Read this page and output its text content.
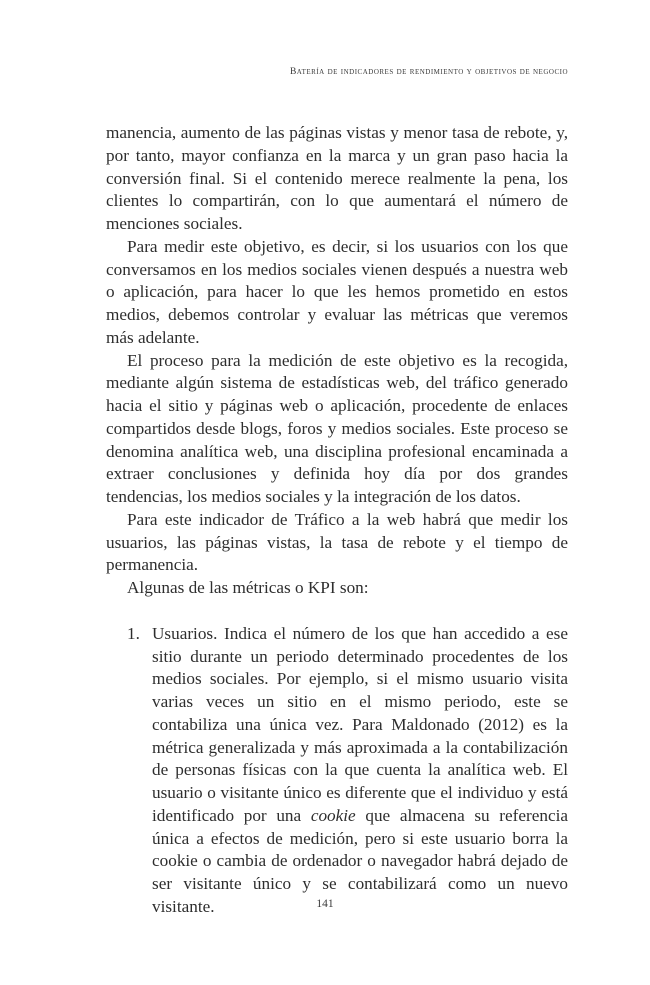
Batería de indicadores de rendimiento y objetivos de negocio

manencia, aumento de las páginas vistas y menor tasa de rebote, y, por tanto, mayor confianza en la marca y un gran paso hacia la conversión final. Si el contenido merece realmente la pena, los clientes lo compartirán, con lo que aumentará el número de menciones sociales.

Para medir este objetivo, es decir, si los usuarios con los que conversamos en los medios sociales vienen después a nuestra web o aplicación, para hacer lo que les hemos prometido en estos medios, debemos controlar y evaluar las métricas que veremos más adelante.

El proceso para la medición de este objetivo es la recogida, mediante algún sistema de estadísticas web, del tráfico generado hacia el sitio y páginas web o aplicación, procedente de enlaces compartidos desde blogs, foros y medios sociales. Este proceso se denomina analítica web, una disciplina profesional encaminada a extraer conclusiones y definida hoy día por dos grandes tendencias, los medios sociales y la integración de los datos.

Para este indicador de Tráfico a la web habrá que medir los usuarios, las páginas vistas, la tasa de rebote y el tiempo de permanencia.

Algunas de las métricas o KPI son:

1. Usuarios. Indica el número de los que han accedido a ese sitio durante un periodo determinado procedentes de los medios sociales. Por ejemplo, si el mismo usuario visita varias veces un sitio en el mismo periodo, este se contabiliza una única vez. Para Maldonado (2012) es la métrica generalizada y más aproximada a la contabilización de personas físicas con la que cuenta la analítica web. El usuario o visitante único es diferente que el individuo y está identificado por una cookie que almacena su referencia única a efectos de medición, pero si este usuario borra la cookie o cambia de ordenador o navegador habrá dejado de ser visitante único y se contabilizará como un nuevo visitante.	141
